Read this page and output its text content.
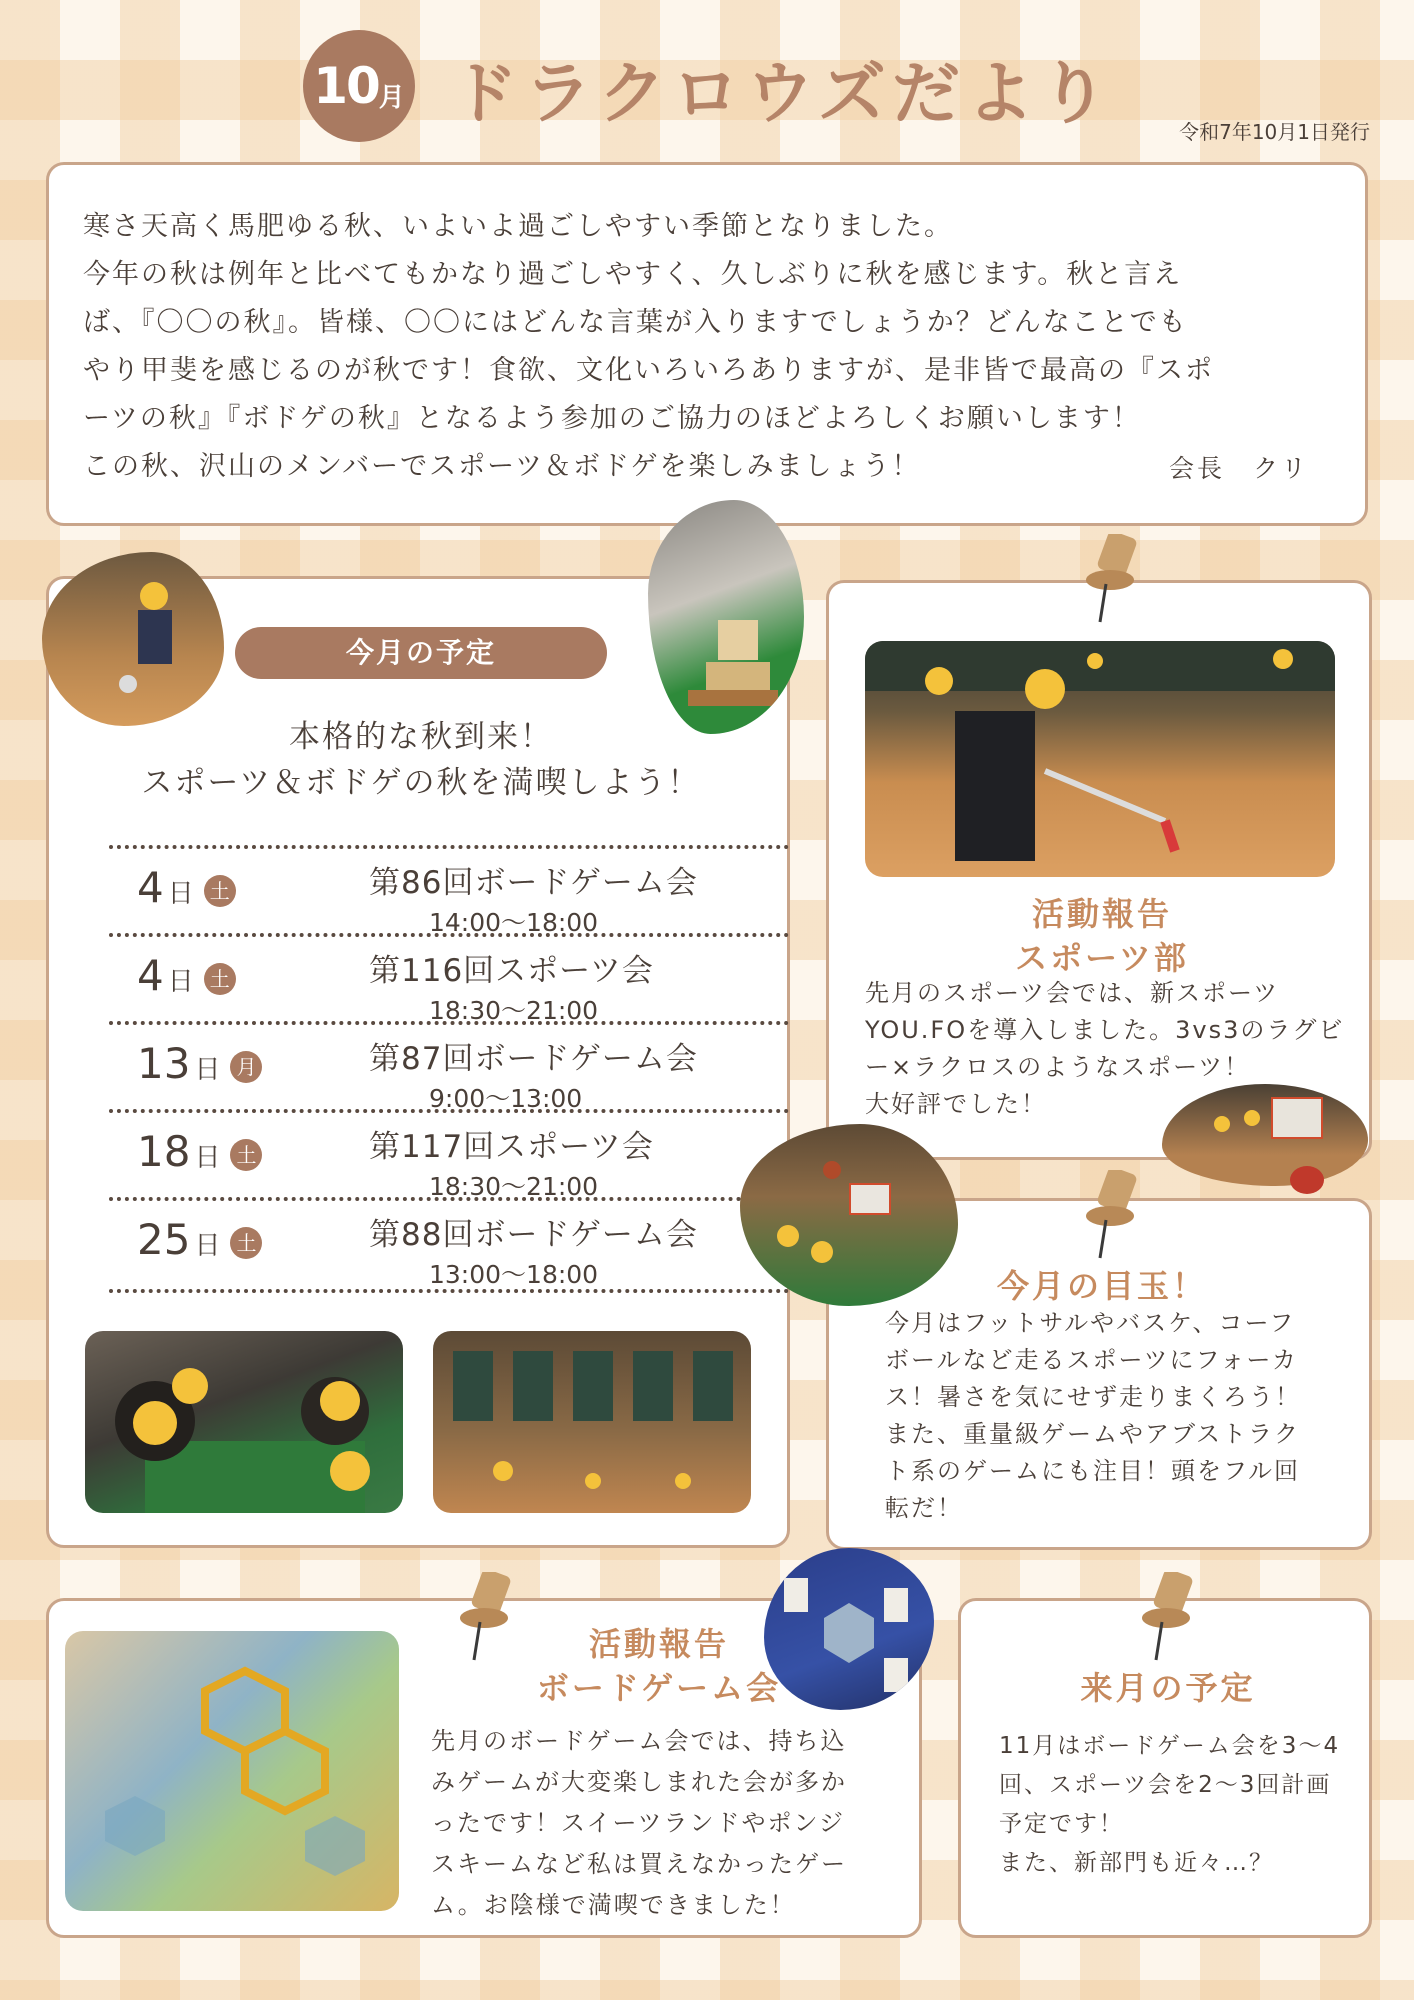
10 月 ドラクロウズだより	令和7年10月1日発行

寒さ天高く馬肥ゆる秋、いよいよ過ごしやすい季節となりました。

今年の秋は例年と比べてもかなり過ごしやすく、久しぶりに秋を感じます。秋と言え

ば、『〇〇の秋』。皆様、〇〇にはどんな言葉が入りますでしょうか？どんなことでも

やり甲斐を感じるのが秋です！食欲、文化いろいろありますが、是非皆で最高の『スポ

ーツの秋』『ボドゲの秋』となるよう参加のご協力のほどよろしくお願いします！

この秋、沢山のメンバーでスポーツ＆ボドゲを楽しみましょう！	会長　クリ
今月の予定
本格的な秋到来！
スポーツ＆ボドゲの秋を満喫しよう！
4 日 土	第86回ボードゲーム会
14:00〜18:00
4 日 土	第116回スポーツ会
18:30〜21:00
13 日 月	第87回ボードゲーム会
9:00〜13:00
18 日 土	第117回スポーツ会
18:30〜21:00
25 日 土	第88回ボードゲーム会
13:00〜18:00
活動報告
スポーツ部
先月のスポーツ会では、新スポーツ
YOU.FOを導入しました。3vs3のラグビ
ー×ラクロスのようなスポーツ！
大好評でした！
今月の目玉！
今月はフットサルやバスケ、コーフ
ボールなど走るスポーツにフォーカ
ス！暑さを気にせず走りまくろう！
また、重量級ゲームやアブストラク
ト系のゲームにも注目！頭をフル回
転だ！
活動報告
ボードゲーム会
先月のボードゲーム会では、持ち込
みゲームが大変楽しまれた会が多か
ったです！スイーツランドやポンジ
スキームなど私は買えなかったゲー
ム。お陰様で満喫できました！
来月の予定
11月はボードゲーム会を3〜4
回、スポーツ会を2〜3回計画
予定です！
また、新部門も近々…？
